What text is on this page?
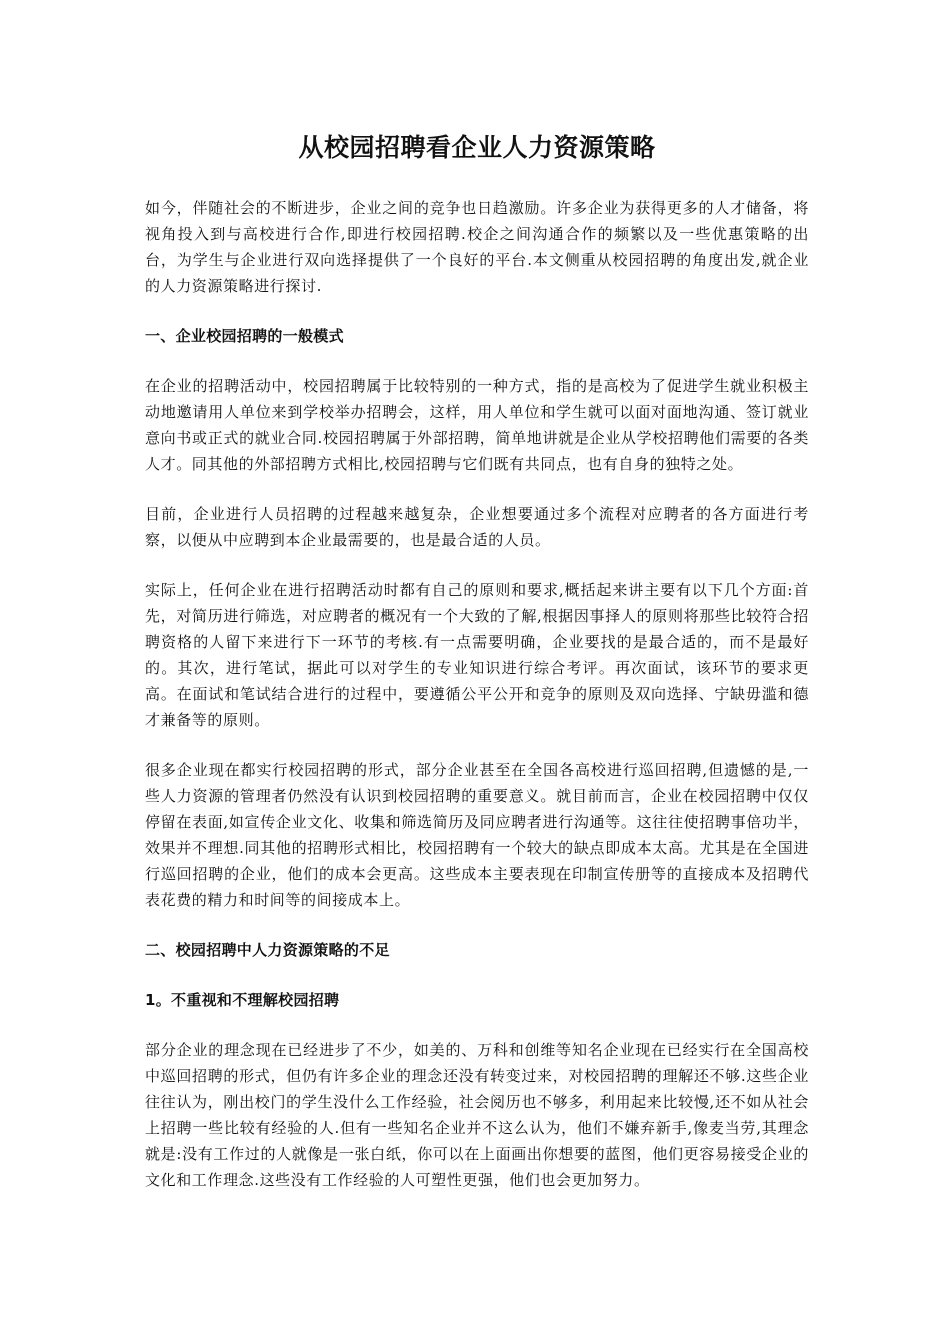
从校园招聘看企业人力资源策略

如今，伴随社会的不断进步，企业之间的竞争也日趋激励。许多企业为获得更多的人才储备，将视角投入到与高校进行合作,即进行校园招聘.校企之间沟通合作的频繁以及一些优惠策略的出台，为学生与企业进行双向选择提供了一个良好的平台.本文侧重从校园招聘的角度出发,就企业的人力资源策略进行探讨.

一、企业校园招聘的一般模式

在企业的招聘活动中，校园招聘属于比较特别的一种方式，指的是高校为了促进学生就业积极主动地邀请用人单位来到学校举办招聘会，这样，用人单位和学生就可以面对面地沟通、签订就业意向书或正式的就业合同.校园招聘属于外部招聘，简单地讲就是企业从学校招聘他们需要的各类人才。同其他的外部招聘方式相比,校园招聘与它们既有共同点，也有自身的独特之处。

目前，企业进行人员招聘的过程越来越复杂，企业想要通过多个流程对应聘者的各方面进行考察，以便从中应聘到本企业最需要的，也是最合适的人员。

实际上，任何企业在进行招聘活动时都有自己的原则和要求,概括起来讲主要有以下几个方面:首先，对简历进行筛选，对应聘者的概况有一个大致的了解,根据因事择人的原则将那些比较符合招聘资格的人留下来进行下一环节的考核.有一点需要明确，企业要找的是最合适的，而不是最好的。其次，进行笔试，据此可以对学生的专业知识进行综合考评。再次面试，该环节的要求更高。在面试和笔试结合进行的过程中，要遵循公平公开和竞争的原则及双向选择、宁缺毋滥和德才兼备等的原则。

很多企业现在都实行校园招聘的形式，部分企业甚至在全国各高校进行巡回招聘,但遗憾的是,一些人力资源的管理者仍然没有认识到校园招聘的重要意义。就目前而言，企业在校园招聘中仅仅停留在表面,如宣传企业文化、收集和筛选简历及同应聘者进行沟通等。这往往使招聘事倍功半，效果并不理想.同其他的招聘形式相比，校园招聘有一个较大的缺点即成本太高。尤其是在全国进行巡回招聘的企业，他们的成本会更高。这些成本主要表现在印制宣传册等的直接成本及招聘代表花费的精力和时间等的间接成本上。

二、校园招聘中人力资源策略的不足
1。不重视和不理解校园招聘

部分企业的理念现在已经进步了不少，如美的、万科和创维等知名企业现在已经实行在全国高校中巡回招聘的形式，但仍有许多企业的理念还没有转变过来，对校园招聘的理解还不够.这些企业往往认为，刚出校门的学生没什么工作经验，社会阅历也不够多，利用起来比较慢,还不如从社会上招聘一些比较有经验的人.但有一些知名企业并不这么认为，他们不嫌弃新手,像麦当劳,其理念就是:没有工作过的人就像是一张白纸，你可以在上面画出你想要的蓝图，他们更容易接受企业的文化和工作理念.这些没有工作经验的人可塑性更强，他们也会更加努力。
